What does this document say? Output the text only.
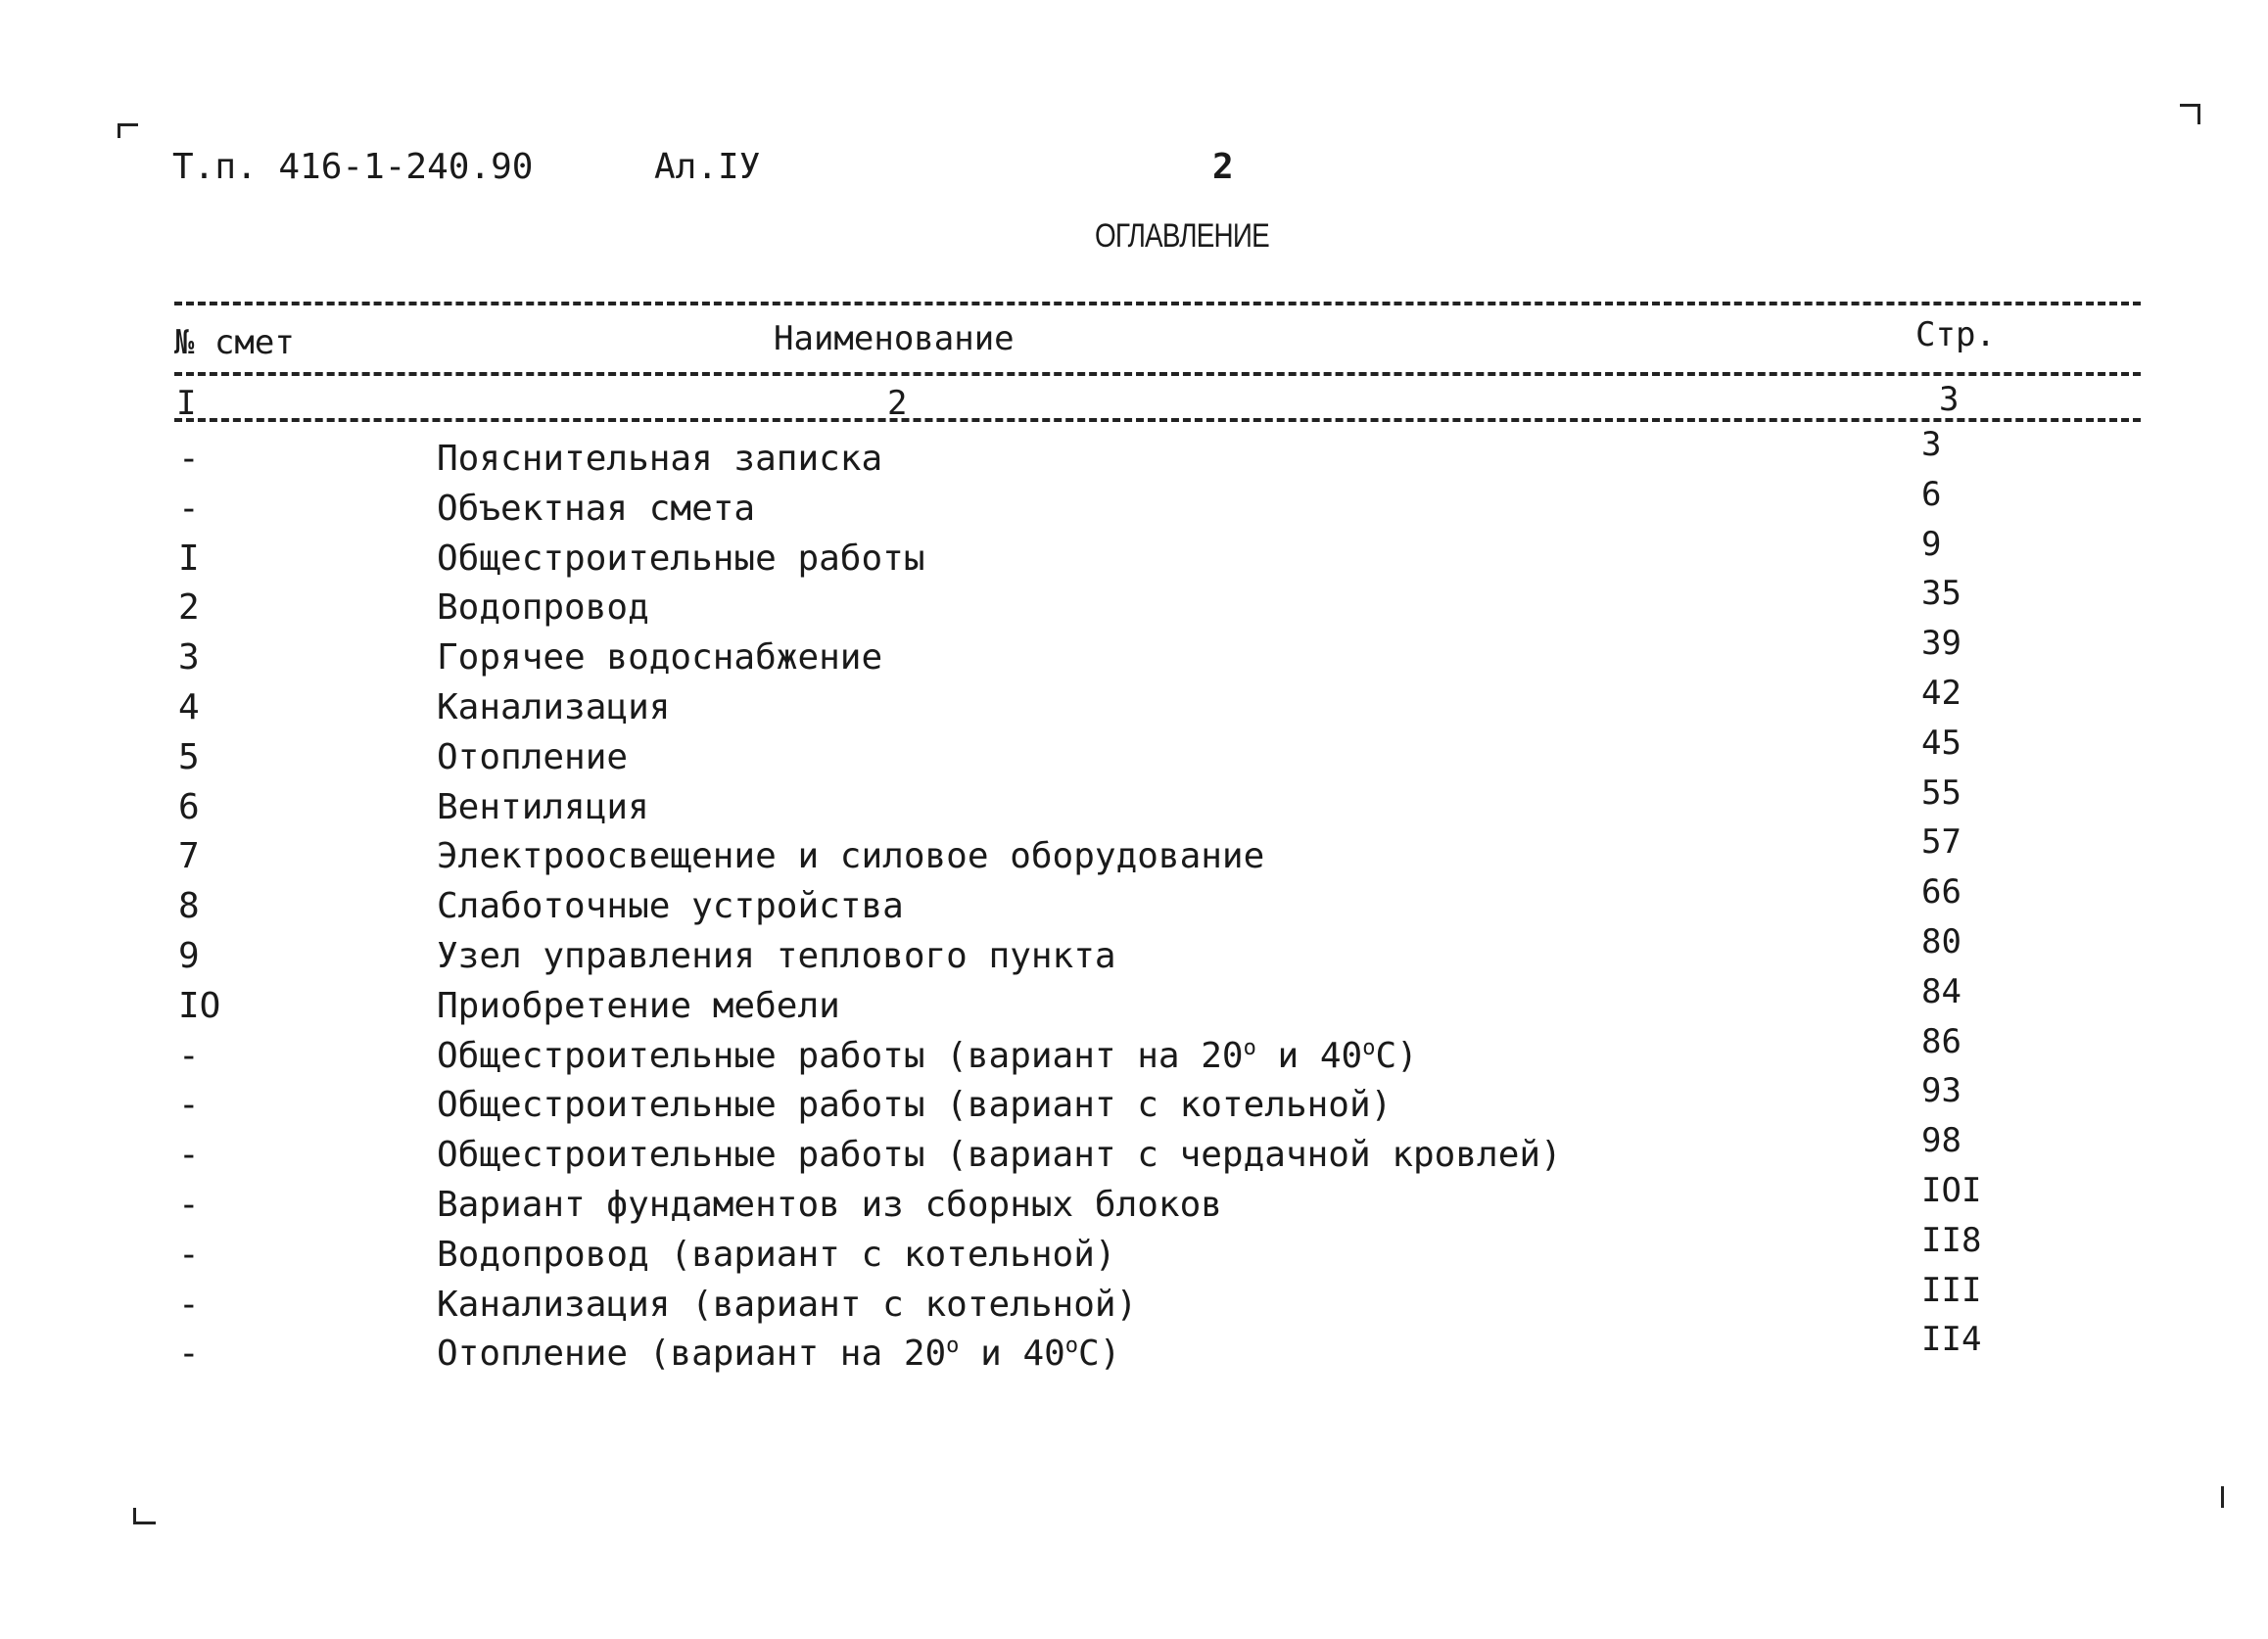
Т.п. 416-1-240.90	Ал.IУ	2
ОГЛАВЛЕНИЕ
№ смет	Наименование	Стр.
I	2	3
-	Пояснительная записка	3
-	Объектная смета	6
I	Общестроительные работы	9
2	Водопровод	35
3	Горячее водоснабжение	39
4	Канализация	42
5	Отопление	45
6	Вентиляция	55
7	Электроосвещение и силовое оборудование	57
8	Слаботочные устройства	66
9	Узел управления теплового пункта	80
IO	Приобретение мебели	84
-	Общестроительные работы (вариант на 20$^o$ и 40$^o$С)	86
-	Общестроительные работы (вариант с котельной)	93
-	Общестроительные работы (вариант с чердачной кровлей)	98
-	Вариант фундаментов из сборных блоков	IOI
-	Водопровод (вариант с котельной)	II8
-	Канализация (вариант с котельной)	III
-	Отопление (вариант на 20$^o$ и 40$^o$С)	II4
